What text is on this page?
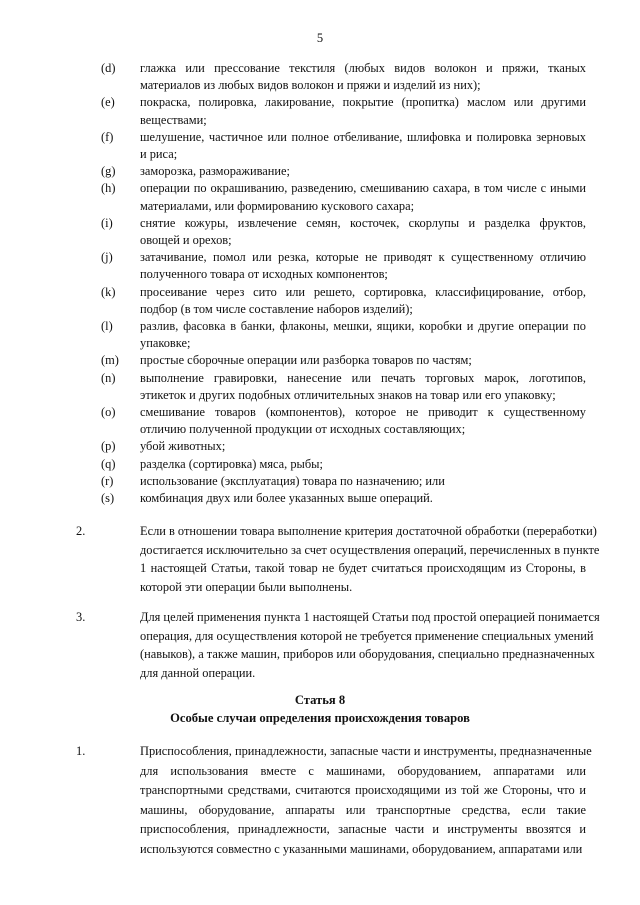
5
(d) глажка или прессование текстиля (любых видов волокон и пряжи, тканых
материалов из любых видов волокон и пряжи и изделий из них);
(e) покраска, полировка, лакирование, покрытие (пропитка) маслом или другими
веществами;
(f) шелушение, частичное или полное отбеливание, шлифовка и полировка зерновых
и риса;
(g) заморозка, размораживание;
(h) операции по окрашиванию, разведению, смешиванию сахара, в том числе с иными
материалами, или формированию кускового сахара;
(i) снятие кожуры, извлечение семян, косточек, скорлупы и разделка фруктов,
овощей и орехов;
(j) затачивание, помол или резка, которые не приводят к существенному отличию
полученного товара от исходных компонентов;
(k) просеивание через сито или решето, сортировка, классифицирование, отбор,
подбор (в том числе составление наборов изделий);
(l) разлив, фасовка в банки, флаконы, мешки, ящики, коробки и другие операции по
упаковке;
(m) простые сборочные операции или разборка товаров по частям;
(n) выполнение гравировки, нанесение или печать торговых марок, логотипов,
этикеток и других подобных отличительных знаков на товар или его упаковку;
(o) смешивание товаров (компонентов), которое не приводит к существенному
отличию полученной продукции от исходных составляющих;
(p) убой животных;
(q) разделка (сортировка) мяса, рыбы;
(r) использование (эксплуатация) товара по назначению; или
(s) комбинация двух или более указанных выше операций.
2.	Если в отношении товара выполнение критерия достаточной обработки (переработки)
достигается исключительно за счет осуществления операций, перечисленных в пункте
1 настоящей Статьи, такой товар не будет считаться происходящим из Стороны, в
которой эти операции были выполнены.
3.	Для целей применения пункта 1 настоящей Статьи под простой операцией понимается
операция, для осуществления которой не требуется применение специальных умений
(навыков), а также машин, приборов или оборудования, специально предназначенных
для данной операции.
Статья 8
Особые случаи определения происхождения товаров
1.	Приспособления, принадлежности, запасные части и инструменты, предназначенные
для использования вместе с машинами, оборудованием, аппаратами или
транспортными средствами, считаются происходящими из той же Стороны, что и
машины, оборудование, аппараты или транспортные средства, если такие
приспособления, принадлежности, запасные части и инструменты ввозятся и
используются совместно с указанными машинами, оборудованием, аппаратами или
